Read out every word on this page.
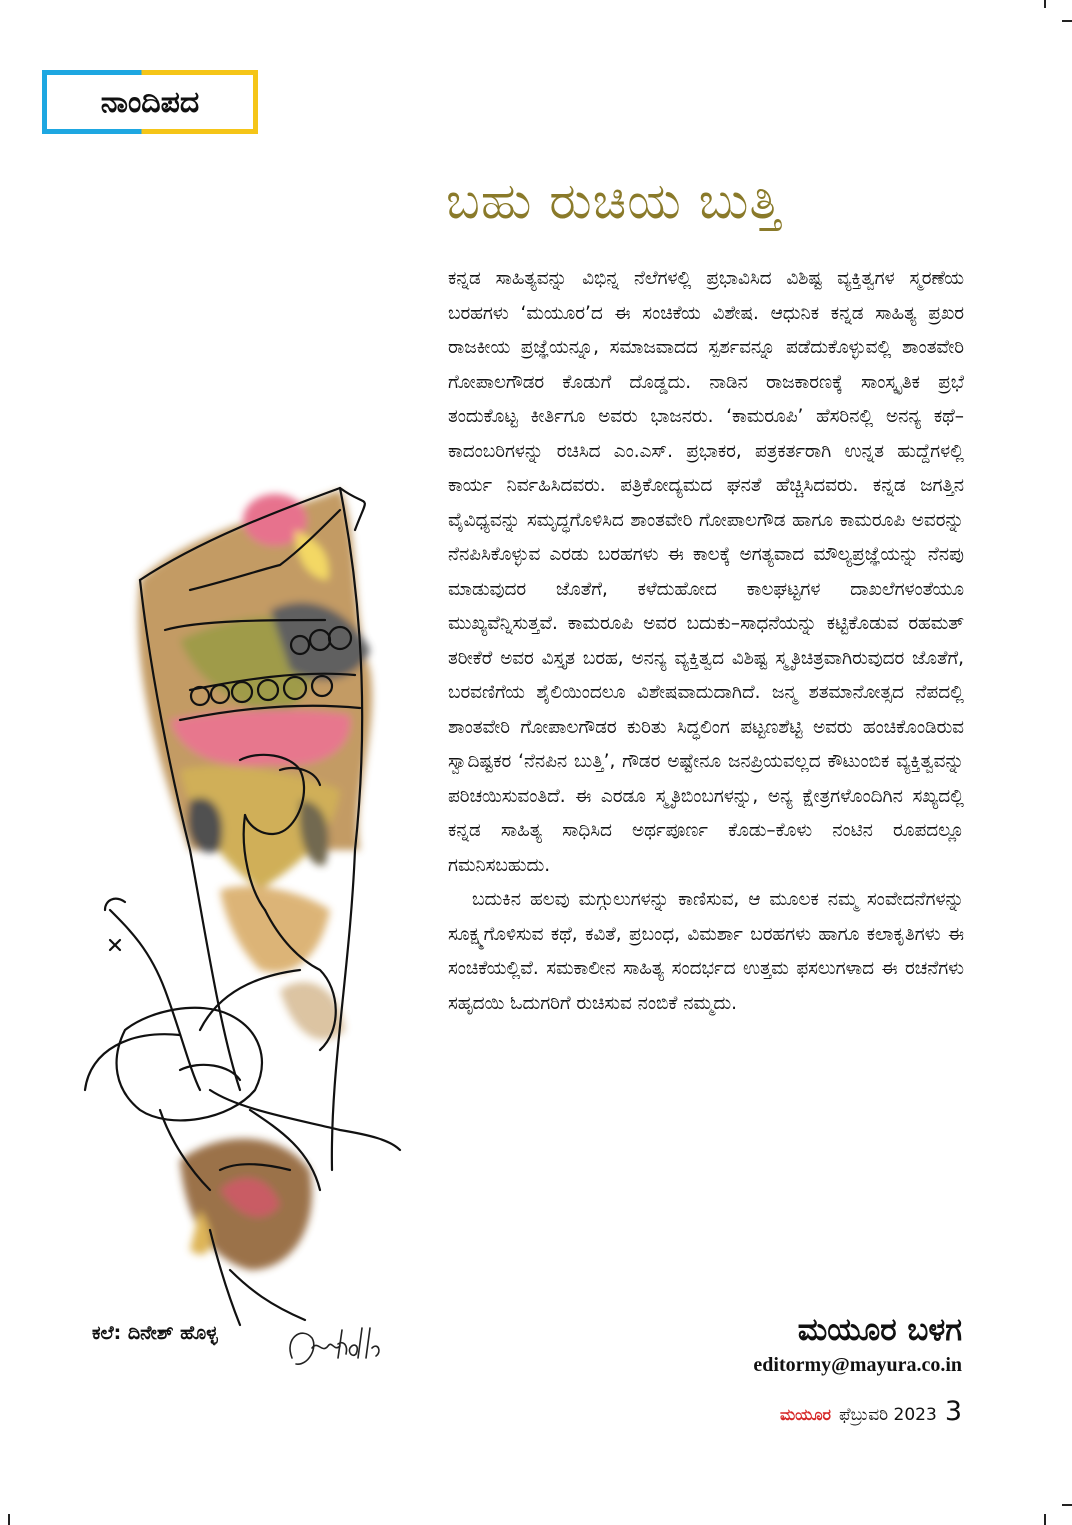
ನಾಂದಿಪದ
ಬಹು ರುಚಿಯ ಬುತ್ತಿ

ಕನ್ನಡ ಸಾಹಿತ್ಯವನ್ನು ವಿಭಿನ್ನ ನೆಲೆಗಳಲ್ಲಿ ಪ್ರಭಾವಿಸಿದ ವಿಶಿಷ್ಟ ವ್ಯಕ್ತಿತ್ವಗಳ ಸ್ಮರಣೆಯ ಬರಹಗಳು ‘ಮಯೂರ’ದ ಈ ಸಂಚಿಕೆಯ ವಿಶೇಷ. ಆಧುನಿಕ ಕನ್ನಡ ಸಾಹಿತ್ಯ ಪ್ರಖರ ರಾಜಕೀಯ ಪ್ರಜ್ಞೆಯನ್ನೂ, ಸಮಾಜವಾದದ ಸ್ಪರ್ಶವನ್ನೂ ಪಡೆದುಕೊಳ್ಳುವಲ್ಲಿ ಶಾಂತವೇರಿ ಗೋಪಾಲಗೌಡರ ಕೊಡುಗೆ ದೊಡ್ಡದು. ನಾಡಿನ ರಾಜಕಾರಣಕ್ಕೆ ಸಾಂಸ್ಕೃತಿಕ ಪ್ರಭೆ ತಂದುಕೊಟ್ಟ ಕೀರ್ತಿಗೂ ಅವರು ಭಾಜನರು. ‘ಕಾಮರೂಪಿ’ ಹೆಸರಿನಲ್ಲಿ ಅನನ್ಯ ಕಥೆ–ಕಾದಂಬರಿಗಳನ್ನು ರಚಿಸಿದ ಎಂ.ಎಸ್. ಪ್ರಭಾಕರ, ಪತ್ರಕರ್ತರಾಗಿ ಉನ್ನತ ಹುದ್ದೆಗಳಲ್ಲಿ ಕಾರ್ಯ ನಿರ್ವಹಿಸಿದವರು. ಪತ್ರಿಕೋದ್ಯಮದ ಘನತೆ ಹೆಚ್ಚಿಸಿದವರು. ಕನ್ನಡ ಜಗತ್ತಿನ ವೈವಿಧ್ಯವನ್ನು ಸಮೃದ್ಧಗೊಳಿಸಿದ ಶಾಂತವೇರಿ ಗೋಪಾಲಗೌಡ ಹಾಗೂ ಕಾಮರೂಪಿ ಅವರನ್ನು ನೆನಪಿಸಿಕೊಳ್ಳುವ ಎರಡು ಬರಹಗಳು ಈ ಕಾಲಕ್ಕೆ ಅಗತ್ಯವಾದ ಮೌಲ್ಯಪ್ರಜ್ಞೆಯನ್ನು ನೆನಪು ಮಾಡುವುದರ ಜೊತೆಗೆ, ಕಳೆದುಹೋದ ಕಾಲಘಟ್ಟಗಳ ದಾಖಲೆಗಳಂತೆಯೂ ಮುಖ್ಯವೆನ್ನಿಸುತ್ತವೆ. ಕಾಮರೂಪಿ ಅವರ ಬದುಕು–ಸಾಧನೆಯನ್ನು ಕಟ್ಟಿಕೊಡುವ ರಹಮತ್ ತರೀಕೆರೆ ಅವರ ವಿಸ್ತೃತ ಬರಹ, ಅನನ್ಯ ವ್ಯಕ್ತಿತ್ವದ ವಿಶಿಷ್ಟ ಸ್ಮೃತಿಚಿತ್ರವಾಗಿರುವುದರ ಜೊತೆಗೆ, ಬರವಣಿಗೆಯ ಶೈಲಿಯಿಂದಲೂ ವಿಶೇಷವಾದುದಾಗಿದೆ. ಜನ್ಮ ಶತಮಾನೋತ್ಸದ ನೆಪದಲ್ಲಿ ಶಾಂತವೇರಿ ಗೋಪಾಲಗೌಡರ ಕುರಿತು ಸಿದ್ಧಲಿಂಗ ಪಟ್ಟಣಶೆಟ್ಟಿ ಅವರು ಹಂಚಿಕೊಂಡಿರುವ ಸ್ವಾದಿಷ್ಟಕರ ‘ನೆನಪಿನ ಬುತ್ತಿ’, ಗೌಡರ ಅಷ್ಟೇನೂ ಜನಪ್ರಿಯವಲ್ಲದ ಕೌಟುಂಬಿಕ ವ್ಯಕ್ತಿತ್ವವನ್ನು ಪರಿಚಯಿಸುವಂತಿದೆ. ಈ ಎರಡೂ ಸ್ಮೃತಿಬಿಂಬಗಳನ್ನು, ಅನ್ಯ ಕ್ಷೇತ್ರಗಳೊಂದಿಗಿನ ಸಖ್ಯದಲ್ಲಿ ಕನ್ನಡ ಸಾಹಿತ್ಯ ಸಾಧಿಸಿದ ಅರ್ಥಪೂರ್ಣ ಕೊಡು–ಕೊಳು ನಂಟಿನ ರೂಪದಲ್ಲೂ ಗಮನಿಸಬಹುದು.

ಬದುಕಿನ ಹಲವು ಮಗ್ಗುಲುಗಳನ್ನು ಕಾಣಿಸುವ, ಆ ಮೂಲಕ ನಮ್ಮ ಸಂವೇದನೆಗಳನ್ನು ಸೂಕ್ಷ್ಮಗೊಳಿಸುವ ಕಥೆ, ಕವಿತೆ, ಪ್ರಬಂಧ, ವಿಮರ್ಶಾ ಬರಹಗಳು ಹಾಗೂ ಕಲಾಕೃತಿಗಳು ಈ ಸಂಚಿಕೆಯಲ್ಲಿವೆ. ಸಮಕಾಲೀನ ಸಾಹಿತ್ಯ ಸಂದರ್ಭದ ಉತ್ತಮ ಫಸಲುಗಳಾದ ಈ ರಚನೆಗಳು ಸಹೃದಯಿ ಓದುಗರಿಗೆ ರುಚಿಸುವ ನಂಬಿಕೆ ನಮ್ಮದು.

ಕಲೆ: ದಿನೇಶ್ ಹೊಳ್ಳ	ಮಯೂರ ಬಳಗ
editormy@mayura.co.in
ಮಯೂರ ಫೆಬ್ರುವರಿ 2023 3
